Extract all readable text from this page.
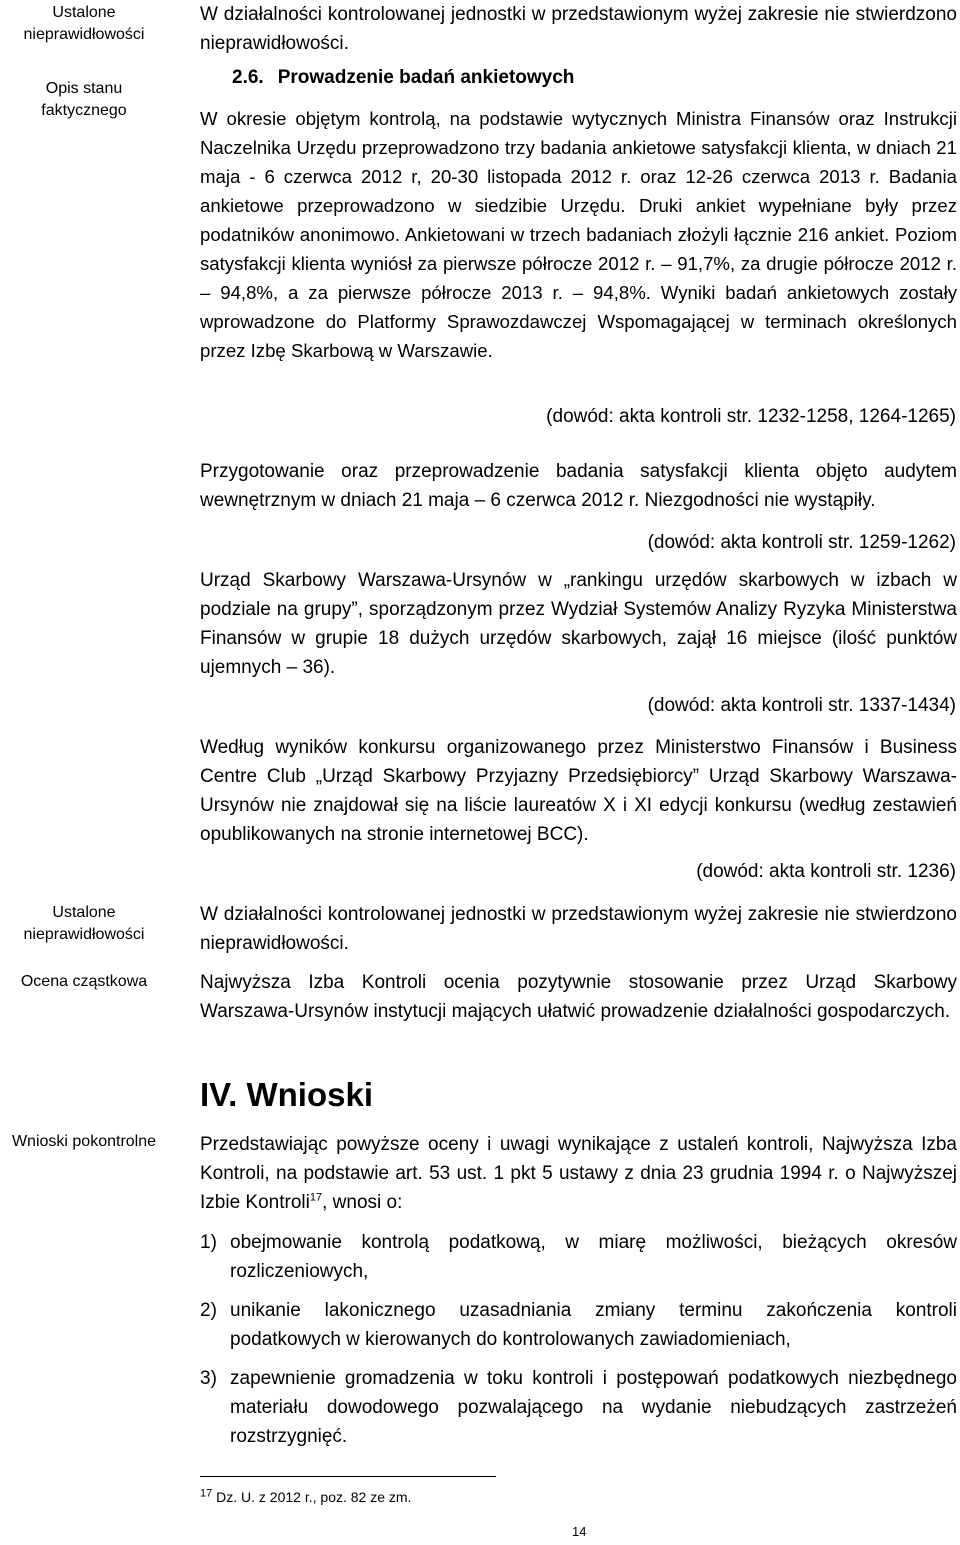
Ustalone
nieprawidłowości
Opis stanu
faktycznego
Ustalone
nieprawidłowości
Ocena cząstkowa
Wnioski pokontrolne
W działalności kontrolowanej jednostki w przedstawionym wyżej zakresie nie stwierdzono nieprawidłowości.
2.6. Prowadzenie badań ankietowych
W okresie objętym kontrolą, na podstawie wytycznych Ministra Finansów oraz Instrukcji Naczelnika Urzędu przeprowadzono trzy badania ankietowe satysfakcji klienta, w dniach 21 maja - 6 czerwca 2012 r, 20-30 listopada 2012 r. oraz 12-26 czerwca 2013 r. Badania ankietowe przeprowadzono w siedzibie Urzędu. Druki ankiet wypełniane były przez podatników anonimowo. Ankietowani w trzech badaniach złożyli łącznie 216 ankiet. Poziom satysfakcji klienta wyniósł za pierwsze półrocze 2012 r. – 91,7%, za drugie półrocze 2012 r. – 94,8%, a za pierwsze półrocze 2013 r. – 94,8%. Wyniki badań ankietowych zostały wprowadzone do Platformy Sprawozdawczej Wspomagającej w terminach określonych przez Izbę Skarbową w Warszawie.
(dowód: akta kontroli str. 1232-1258, 1264-1265)
Przygotowanie oraz przeprowadzenie badania satysfakcji klienta objęto audytem wewnętrznym w dniach 21 maja – 6 czerwca 2012 r. Niezgodności nie wystąpiły.
(dowód: akta kontroli str. 1259-1262)
Urząd Skarbowy Warszawa-Ursynów w „rankingu urzędów skarbowych w izbach w podziale na grupy”, sporządzonym przez Wydział Systemów Analizy Ryzyka Ministerstwa Finansów w grupie 18 dużych urzędów skarbowych, zajął 16 miejsce (ilość punktów ujemnych – 36).
(dowód: akta kontroli str. 1337-1434)
Według wyników konkursu organizowanego przez Ministerstwo Finansów i Business Centre Club „Urząd Skarbowy Przyjazny Przedsiębiorcy” Urząd Skarbowy Warszawa-Ursynów nie znajdował się na liście laureatów X i XI edycji konkursu (według zestawień opublikowanych na stronie internetowej BCC).
(dowód: akta kontroli str. 1236)
W działalności kontrolowanej jednostki w przedstawionym wyżej zakresie nie stwierdzono nieprawidłowości.
Najwyższa Izba Kontroli ocenia pozytywnie stosowanie przez Urząd Skarbowy Warszawa-Ursynów instytucji mających ułatwić prowadzenie działalności gospodarczych.
IV. Wnioski
Przedstawiając powyższe oceny i uwagi wynikające z ustaleń kontroli, Najwyższa Izba Kontroli, na podstawie art. 53 ust. 1 pkt 5 ustawy z dnia 23 grudnia 1994 r. o Najwyższej Izbie Kontroli$^{17}$, wnosi o:
1) obejmowanie kontrolą podatkową, w miarę możliwości, bieżących okresów rozliczeniowych,
2) unikanie lakonicznego uzasadniania zmiany terminu zakończenia kontroli podatkowych w kierowanych do kontrolowanych zawiadomieniach,
3) zapewnienie gromadzenia w toku kontroli i postępowań podatkowych niezbędnego materiału dowodowego pozwalającego na wydanie niebudzących zastrzeżeń rozstrzygnięć.
$^{17}$ Dz. U. z 2012 r., poz. 82 ze zm.
14
